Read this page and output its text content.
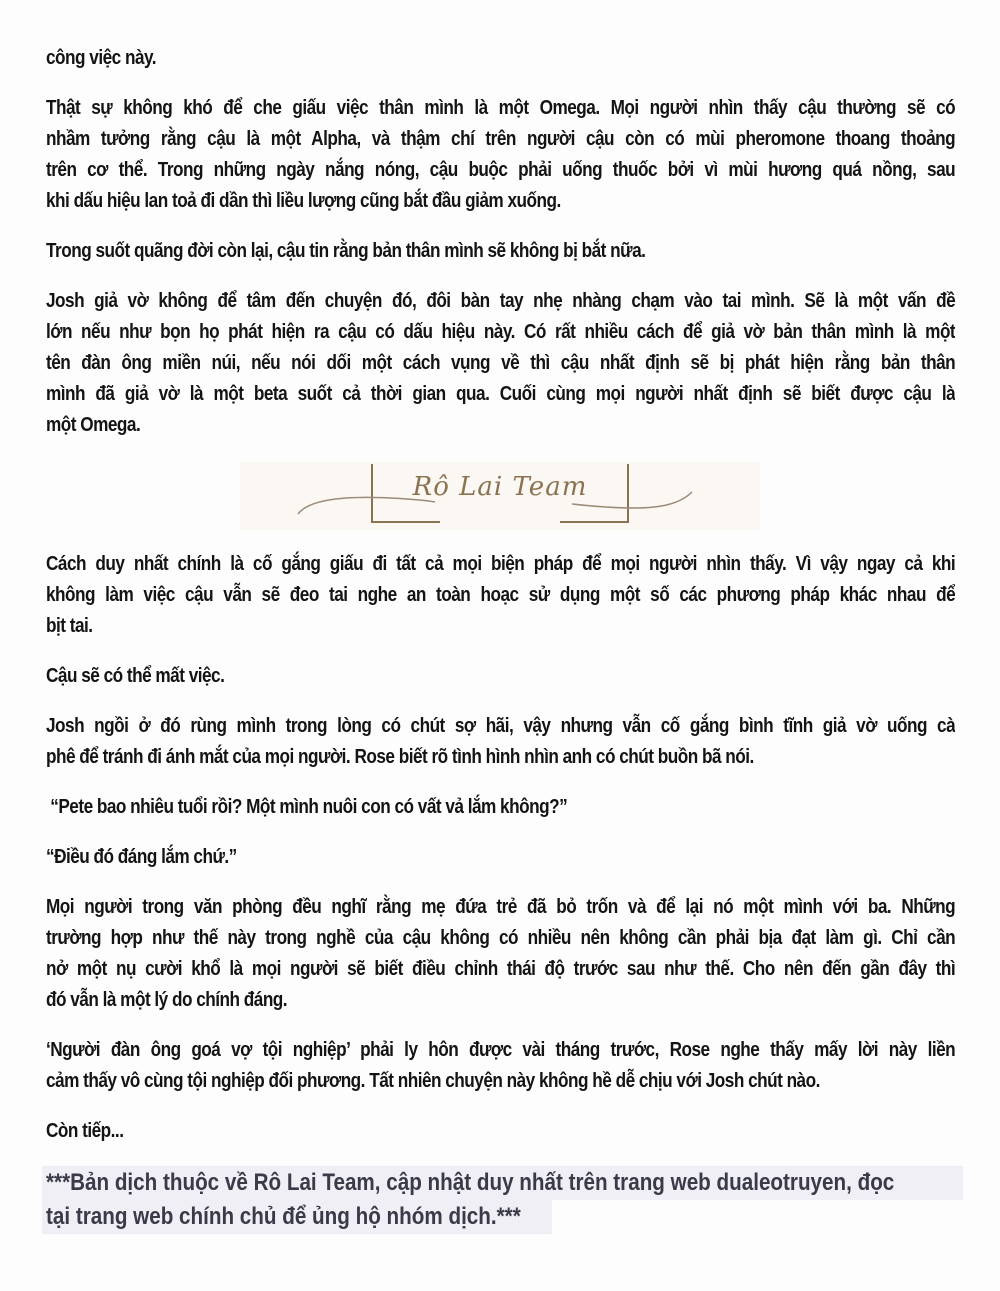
công việc này.
Thật sự không khó để che giấu việc thân mình là một Omega. Mọi người nhìn thấy cậu thường sẽ có
nhầm tưởng rằng cậu là một Alpha, và thậm chí trên người cậu còn có mùi pheromone thoang thoảng
trên cơ thể. Trong những ngày nắng nóng, cậu buộc phải uống thuốc bởi vì mùi hương quá nồng, sau
khi dấu hiệu lan toả đi dần thì liều lượng cũng bắt đầu giảm xuống.
Trong suốt quãng đời còn lại, cậu tin rằng bản thân mình sẽ không bị bắt nữa.
Josh giả vờ không để tâm đến chuyện đó, đôi bàn tay nhẹ nhàng chạm vào tai mình. Sẽ là một vấn đề
lớn nếu như bọn họ phát hiện ra cậu có dấu hiệu này. Có rất nhiều cách để giả vờ bản thân mình là một
tên đàn ông miền núi, nếu nói dối một cách vụng về thì cậu nhất định sẽ bị phát hiện rằng bản thân
mình đã giả vờ là một beta suốt cả thời gian qua. Cuối cùng mọi người nhất định sẽ biết được cậu là
một Omega.
Rô Lai Team
Cách duy nhất chính là cố gắng giấu đi tất cả mọi biện pháp để mọi người nhìn thấy. Vì vậy ngay cả khi
không làm việc cậu vẫn sẽ đeo tai nghe an toàn hoạc sử dụng một số các phương pháp khác nhau để
bịt tai.
Cậu sẽ có thể mất việc.
Josh ngồi ở đó rùng mình trong lòng có chút sợ hãi, vậy nhưng vẫn cố gắng bình tĩnh giả vờ uống cà
phê để tránh đi ánh mắt của mọi người. Rose biết rõ tình hình nhìn anh có chút buồn bã nói.
“Pete bao nhiêu tuổi rồi? Một mình nuôi con có vất vả lắm không?”
“Điều đó đáng lắm chứ.”
Mọi người trong văn phòng đều nghĩ rằng mẹ đứa trẻ đã bỏ trốn và để lại nó một mình với ba. Những
trường hợp như thế này trong nghề của cậu không có nhiều nên không cần phải bịa đạt làm gì. Chỉ cần
nở một nụ cười khổ là mọi người sẽ biết điều chỉnh thái độ trước sau như thế. Cho nên đến gần đây thì
đó vẫn là một lý do chính đáng.
‘Người đàn ông goá vợ tội nghiệp’ phải ly hôn được vài tháng trước, Rose nghe thấy mấy lời này liền
cảm thấy vô cùng tội nghiệp đối phương. Tất nhiên chuyện này không hề dễ chịu với Josh chút nào.
Còn tiếp...
***Bản dịch thuộc về Rô Lai Team, cập nhật duy nhất trên trang web dualeotruyen, đọc
tại trang web chính chủ để ủng hộ nhóm dịch.***
